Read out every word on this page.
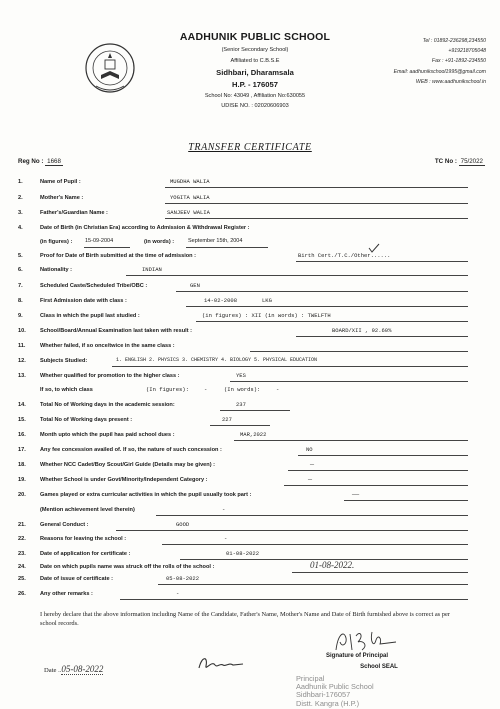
AADHUNIK PUBLIC SCHOOL
(Senior Secondary School)
Affiliated to C.B.S.E
Sidhbari, Dharamsala
H.P. - 176057
School No: 43049 , Affiliation No:630055
UDISE NO. : 02020606903
Tel : 01892-236298,234550
+919218705048
Fax : +91-1892-234550
Email: aadhunikschool1995@gmail.com
WEB : www.aadhunikschool.in
TRANSFER CERTIFICATE
Reg No : 1668	TC No : 75/2022
1.	Name of Pupil :	MUGDHA WALIA
2.	Mother's Name :	YOGITA WALIA
3.	Father's/Guardian Name :	SANJEEV WALIA
4.	Date of Birth (in Christian Era) according to Admission & Withdrawal Register :
(in figures) : 15-09-2004	(in words) :	September 15th, 2004
5.	Proof for Date of Birth submitted at the time of admission :	Birth Cert./T.C./Other......
6.	Nationality :	INDIAN
7.	Scheduled Caste/Scheduled Tribe/OBC :	GEN
8.	First Admission date with class :	14-02-2008	LKG
9.	Class in which the pupil last studied :	(in figures) : XII (in words) : TWELFTH
10.	School/Board/Annual Examination last taken with result :	BOARD/XII , 92.60%
11.	Whether failed, if so once/twice in the same class :
12.	Subjects Studied:	1. ENGLISH 2. PHYSICS 3. CHEMISTRY 4. BIOLOGY 5. PHYSICAL EDUCATION
13.	Whether qualified for promotion to the higher class :	YES
If so, to which class	(In figures):	-	(In words):	-
14.	Total No of Working days in the academic session:	237
15.	Total No of Working days present :	227
16.	Month upto which the pupil has paid school dues :	MAR,2022
17.	Any fee concession availed of. If so, the nature of such concession :	NO
18.	Whether NCC Cadet/Boy Scout/Girl Guide (Details may be given) :	–
19.	Whether School is under Govt/Minority/Independent Category :	–
20.	Games played or extra curricular activities in which the pupil usually took part :	—
(Mention achievement level therein)	-
21.	General Conduct :	GOOD
22.	Reasons for leaving the school :	-
23.	Date of application for certificate :	01-08-2022
24.	Date on which pupils name was struck off the rolls of the school :	01-08-2022.
25.	Date of issue of certificate :	05-08-2022
26.	Any other remarks :	-
I hereby declare that the above information including Name of the Candidate, Father's Name, Mother's Name and Date of Birth furnished above is correct as per school records.
Date ..05-08-2022
Signature of Principal
School SEAL
Principal
Aadhunik Public School
Sidhbari-176057
Distt. Kangra (H.P.)
